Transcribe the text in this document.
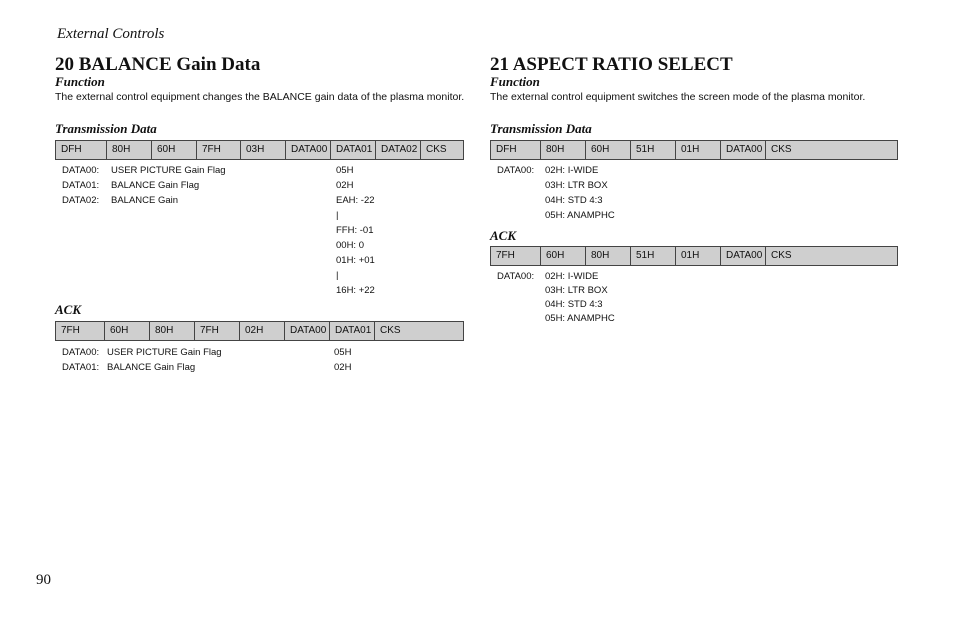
External Controls
90
20 BALANCE Gain Data
Function
The external control equipment changes the BALANCE gain data of the plasma monitor.
Transmission Data
DFH	80H	60H	7FH	03H	DATA00 DATA01 DATA02 CKS
DATA00: USER PICTURE Gain Flag	05H
DATA01: BALANCE Gain Flag	02H
DATA02: BALANCE Gain	EAH: -22
|
FFH: -01
00H: 0
01H: +01
|
16H: +22
ACK
7FH	60H	80H	7FH	02H	DATA00 DATA01 CKS
DATA00: USER PICTURE Gain Flag	05H
DATA01: BALANCE Gain Flag	02H
21 ASPECT RATIO SELECT
Function
The external control equipment switches the screen mode of the plasma monitor.
Transmission Data
DFH	80H	60H	51H	01H	DATA00 CKS
DATA00: 02H: I-WIDE
03H: LTR BOX
04H: STD 4:3
05H: ANAMPHC
ACK
7FH	60H	80H	51H	01H	DATA00 CKS
DATA00: 02H: I-WIDE
03H: LTR BOX
04H: STD 4:3
05H: ANAMPHC
